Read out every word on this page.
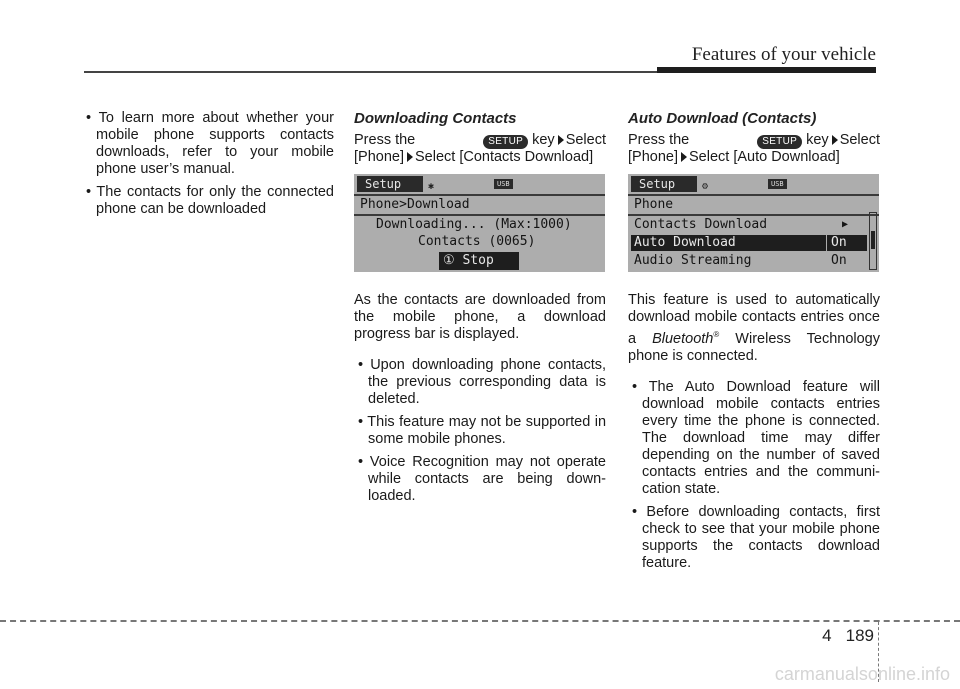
Features of your vehicle

• To learn more about whether your mobile phone supports contacts downloads, refer to your mobile phone user’s manual.

• The contacts for only the connected phone can be downloaded

Downloading Contacts
Press the	SETUP key Select
[Phone] Select [Contacts Download]
Setup	✱	USB
Phone>Download
Downloading... (Max:1000)
Contacts (0065)
① Stop

As the contacts are downloaded from the mobile phone, a download progress bar is displayed.

• Upon downloading phone contacts, the previous corresponding data is deleted.

• This feature may not be supported in some mobile phones.

• Voice Recognition may not operate while contacts are being down-loaded.

Auto Download (Contacts)
Press the	SETUP key Select
[Phone] Select [Auto Download]
Setup	⚙	USB
Phone
Contacts Download	▶
Auto Download	On
Audio Streaming	On

This feature is used to automatically download mobile contacts entries once a Bluetooth® Wireless Technology phone is connected.

• The Auto Download feature will download mobile contacts entries every time the phone is connected. The download time may differ depending on the number of saved contacts entries and the communi-cation state.

• Before downloading contacts, first check to see that your mobile phone supports the contacts download feature.

4 189
carmanualsonline.info
